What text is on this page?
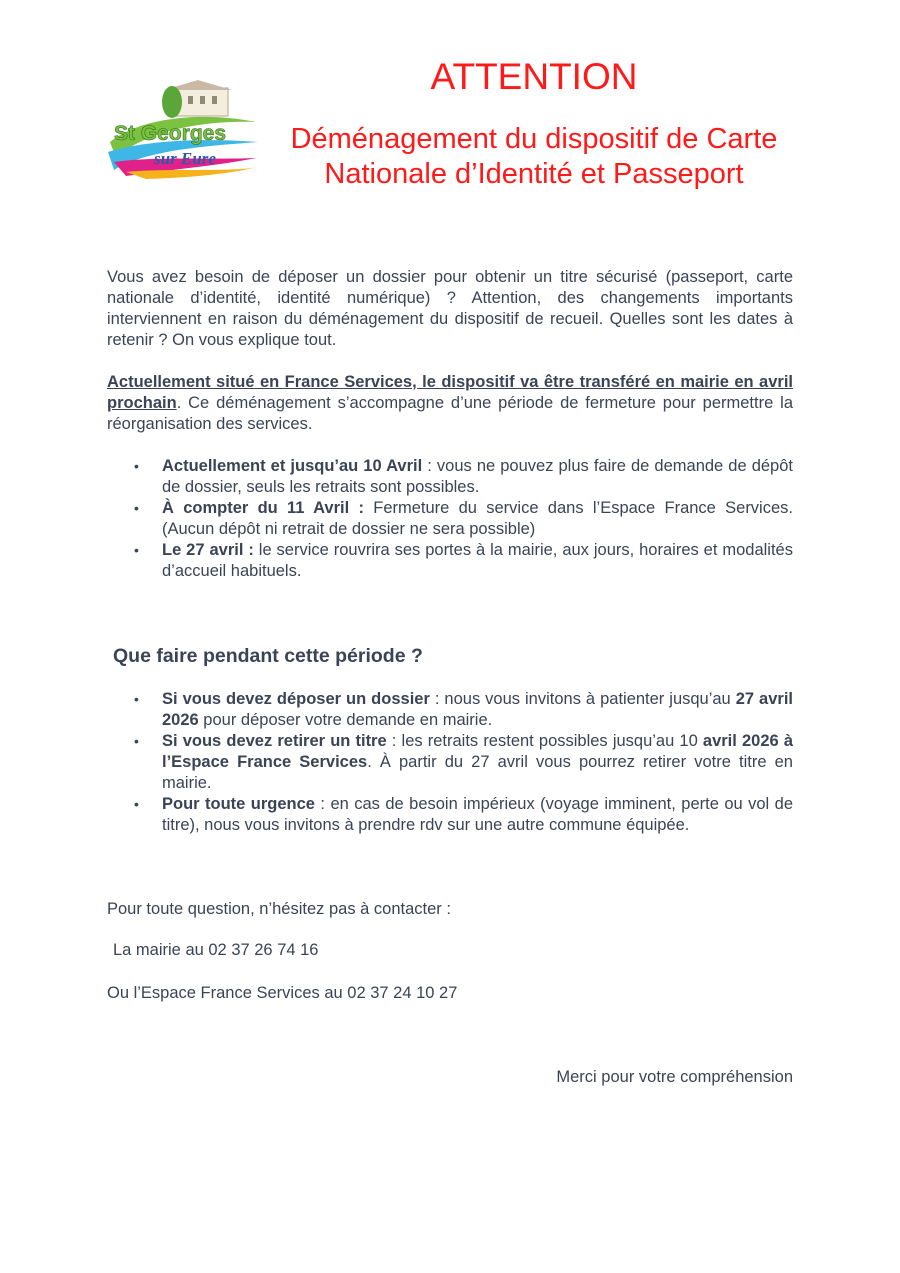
St Georges
sur Eure
ATTENTION
Déménagement du dispositif de Carte
Nationale d’Identité et Passeport

Vous avez besoin de déposer un dossier pour obtenir un titre sécurisé (passeport, carte nationale d’identité, identité numérique) ? Attention, des changements importants interviennent en raison du déménagement du dispositif de recueil. Quelles sont les dates à retenir ? On vous explique tout.

Actuellement situé en France Services, le dispositif va être transféré en mairie en avril prochain. Ce déménagement s’accompagne d’une période de fermeture pour permettre la réorganisation des services.

• Actuellement et jusqu’au 10 Avril : vous ne pouvez plus faire de demande de dépôt de dossier, seuls les retraits sont possibles.
• À compter du 11 Avril : Fermeture du service dans l’Espace France Services. (Aucun dépôt ni retrait de dossier ne sera possible)
• Le 27 avril : le service rouvrira ses portes à la mairie, aux jours, horaires et modalités d’accueil habituels.

Que faire pendant cette période ?

• Si vous devez déposer un dossier : nous vous invitons à patienter jusqu’au 27 avril 2026 pour déposer votre demande en mairie.
• Si vous devez retirer un titre : les retraits restent possibles jusqu’au 10 avril 2026 à l’Espace France Services. À partir du 27 avril vous pourrez retirer votre titre en mairie.
• Pour toute urgence : en cas de besoin impérieux (voyage imminent, perte ou vol de titre), nous vous invitons à prendre rdv sur une autre commune équipée.

Pour toute question, n’hésitez pas à contacter :

La mairie au 02 37 26 74 16

Ou l’Espace France Services au 02 37 24 10 27

Merci pour votre compréhension
